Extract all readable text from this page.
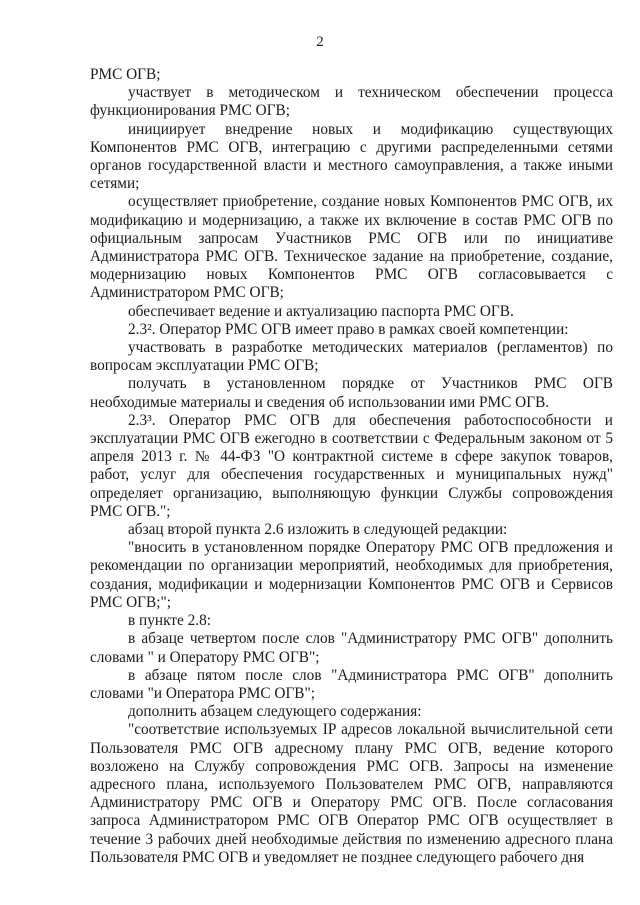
2

РМС ОГВ;

участвует в методическом и техническом обеспечении процесса функционирования РМС ОГВ;

инициирует внедрение новых и модификацию существующих Компонентов РМС ОГВ, интеграцию с другими распределенными сетями органов государственной власти и местного самоуправления, а также иными сетями;

осуществляет приобретение, создание новых Компонентов РМС ОГВ, их модификацию и модернизацию, а также их включение в состав РМС ОГВ по официальным запросам Участников РМС ОГВ или по инициативе Администратора РМС ОГВ. Техническое задание на приобретение, создание, модернизацию новых Компонентов РМС ОГВ согласовывается с Администратором РМС ОГВ;

обеспечивает ведение и актуализацию паспорта РМС ОГВ.

2.3². Оператор РМС ОГВ имеет право в рамках своей компетенции:

участвовать в разработке методических материалов (регламентов) по вопросам эксплуатации РМС ОГВ;

получать в установленном порядке от Участников РМС ОГВ необходимые материалы и сведения об использовании ими РМС ОГВ.

2.3³. Оператор РМС ОГВ для обеспечения работоспособности и эксплуатации РМС ОГВ ежегодно в соответствии с Федеральным законом от 5 апреля 2013 г. № 44-ФЗ "О контрактной системе в сфере закупок товаров, работ, услуг для обеспечения государственных и муниципальных нужд" определяет организацию, выполняющую функции Службы сопровождения РМС ОГВ.";

абзац второй пункта 2.6 изложить в следующей редакции:

"вносить в установленном порядке Оператору РМС ОГВ предложения и рекомендации по организации мероприятий, необходимых для приобретения, создания, модификации и модернизации Компонентов РМС ОГВ и Сервисов РМС ОГВ;";

в пункте 2.8:

в абзаце четвертом после слов "Администратору РМС ОГВ" дополнить словами " и Оператору РМС ОГВ";

в абзаце пятом после слов "Администратора РМС ОГВ" дополнить словами "и Оператора РМС ОГВ";

дополнить абзацем следующего содержания:

"соответствие используемых IP адресов локальной вычислительной сети Пользователя РМС ОГВ адресному плану РМС ОГВ, ведение которого возложено на Службу сопровождения РМС ОГВ. Запросы на изменение адресного плана, используемого Пользователем РМС ОГВ, направляются Администратору РМС ОГВ и Оператору РМС ОГВ. После согласования запроса Администратором РМС ОГВ Оператор РМС ОГВ осуществляет в течение 3 рабочих дней необходимые действия по изменению адресного плана Пользователя РМС ОГВ и уведомляет не позднее следующего рабочего дня
